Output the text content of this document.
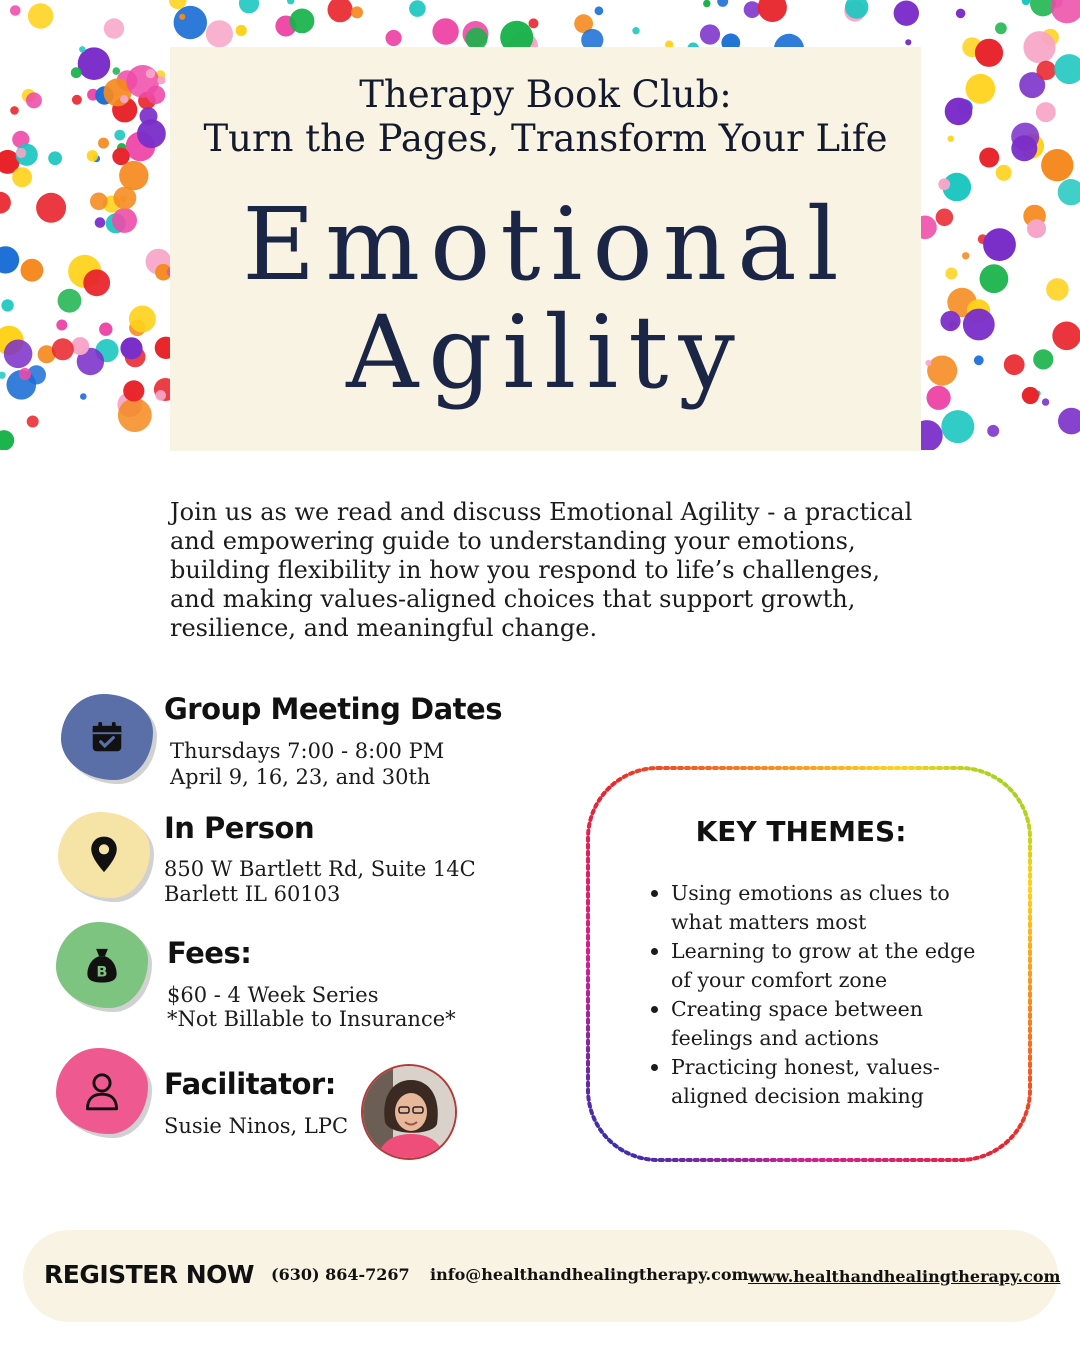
Therapy Book Club:
Turn the Pages, Transform Your Life
Emotional
Agility

Join us as we read and discuss Emotional Agility - a practical and empowering guide to understanding your emotions, building flexibility in how you respond to life’s challenges, and making values-aligned choices that support growth, resilience, and meaningful change.

Group Meeting Dates
Thursdays 7:00 - 8:00 PM
April 9, 16, 23, and 30th
In Person
850 W Bartlett Rd, Suite 14C
Barlett IL 60103
B
Fees:
$60 - 4 Week Series
*Not Billable to Insurance*
Facilitator:
Susie Ninos, LPC
KEY THEMES:
Using emotions as clues to what matters most
Learning to grow at the edge of your comfort zone
Creating space between feelings and actions
Practicing honest, values-aligned decision making
REGISTER NOW (630) 864-7267 info@healthandhealingtherapy.com www.healthandhealingtherapy.com
